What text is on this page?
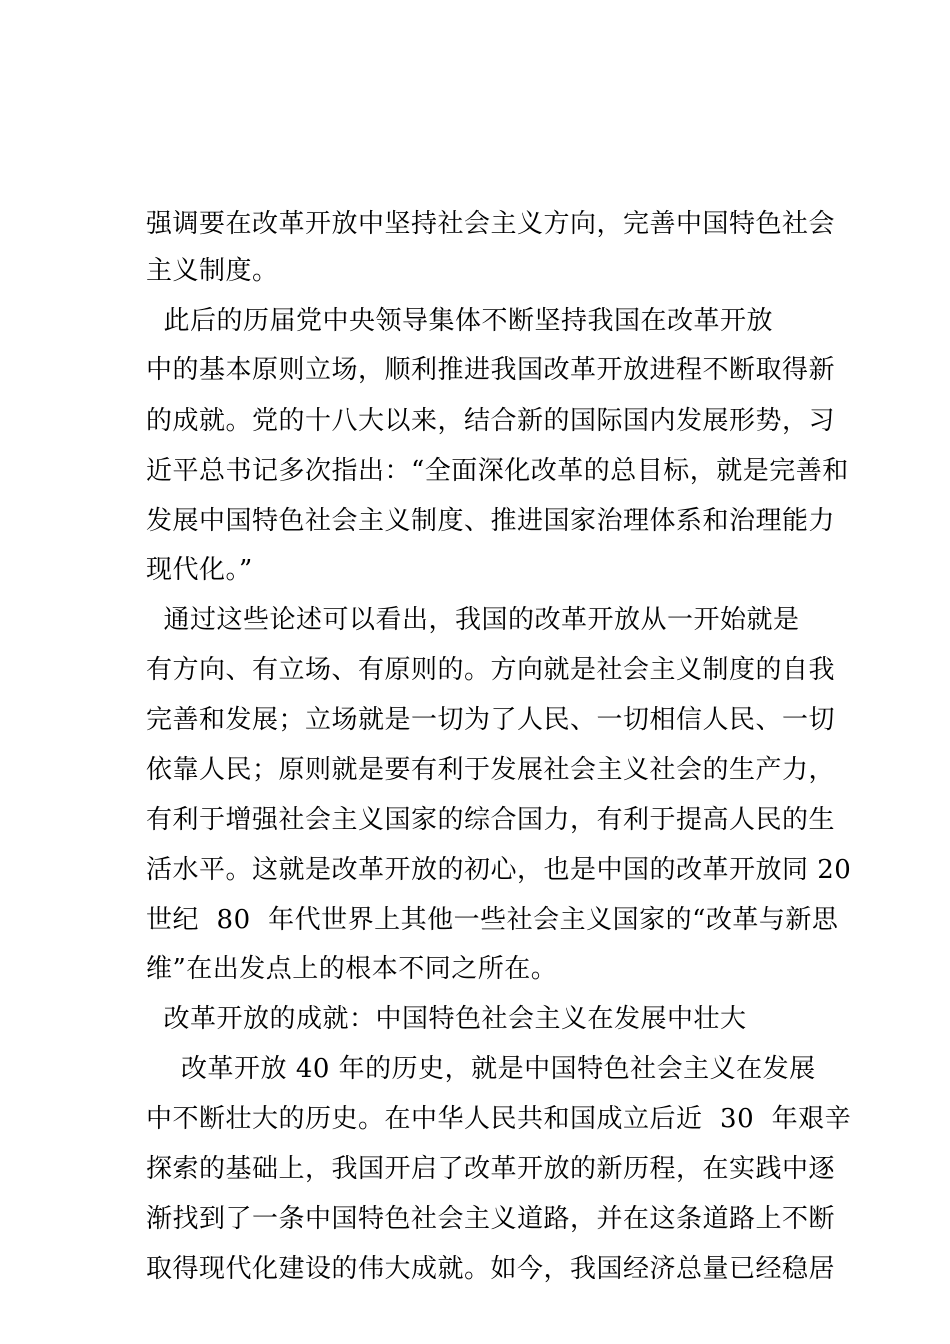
强调要在改革开放中坚持社会主义方向，完善中国特色社会
主义制度。
此后的历届党中央领导集体不断坚持我国在改革开放
中的基本原则立场，顺利推进我国改革开放进程不断取得新
的成就。党的十八大以来，结合新的国际国内发展形势，习
近平总书记多次指出：“全面深化改革的总目标，就是完善和
发展中国特色社会主义制度、推进国家治理体系和治理能力
现代化。”
通过这些论述可以看出，我国的改革开放从一开始就是
有方向、有立场、有原则的。方向就是社会主义制度的自我
完善和发展；立场就是一切为了人民、一切相信人民、一切
依靠人民；原则就是要有利于发展社会主义社会的生产力，
有利于增强社会主义国家的综合国力，有利于提高人民的生
活水平。这就是改革开放的初心，也是中国的改革开放同 20
世纪  80  年代世界上其他一些社会主义国家的“改革与新思
维”在出发点上的根本不同之所在。
改革开放的成就：中国特色社会主义在发展中壮大
改革开放 40 年的历史，就是中国特色社会主义在发展
中不断壮大的历史。在中华人民共和国成立后近  30  年艰辛
探索的基础上，我国开启了改革开放的新历程，在实践中逐
渐找到了一条中国特色社会主义道路，并在这条道路上不断
取得现代化建设的伟大成就。如今，我国经济总量已经稳居
